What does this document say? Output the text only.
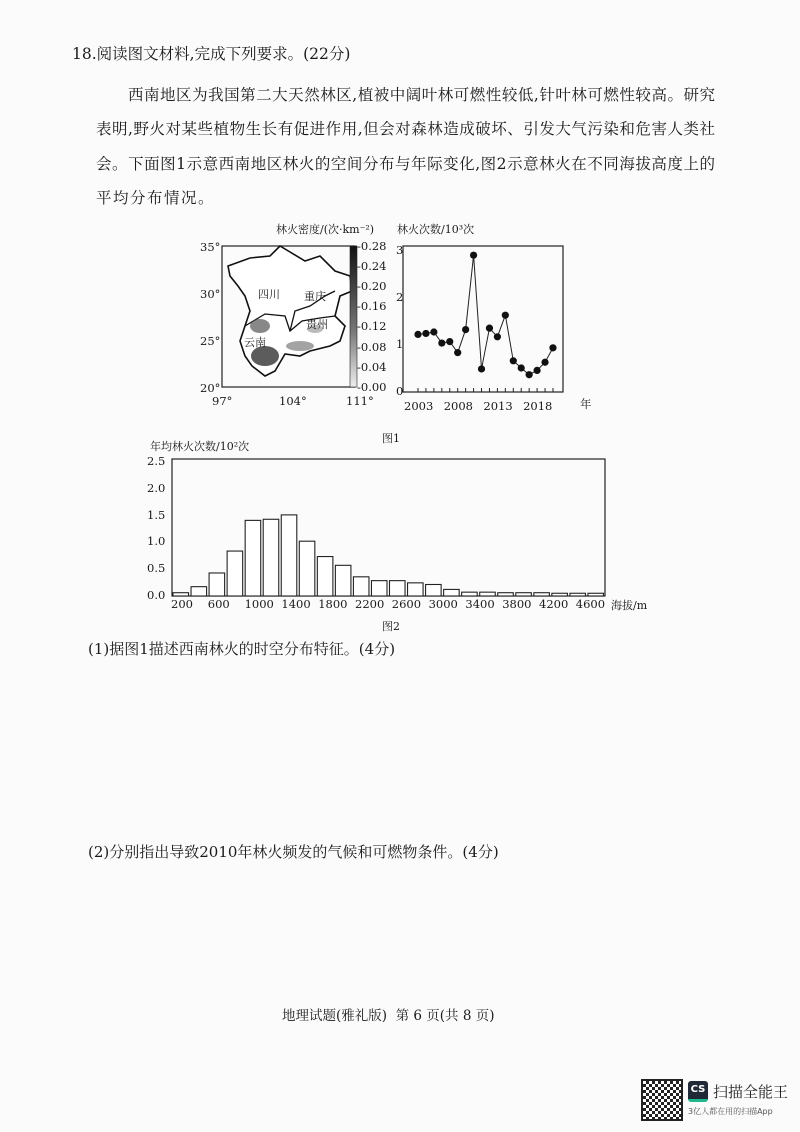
18.阅读图文材料,完成下列要求。(22分)
西南地区为我国第二大天然林区,植被中阔叶林可燃性较低,针叶林可燃性较高。研究
表明,野火对某些植物生长有促进作用,但会对森林造成破坏、引发大气污染和危害人类社
会。下面图1示意西南地区林火的空间分布与年际变化,图2示意林火在不同海拔高度上的
平均分布情况。
林火密度/(次·km⁻²)
四川 重庆
贵州
云南
35°
30°
25°
20°
97°	104°	111°
-0.28
-0.24
-0.20
-0.16
-0.12
-0.08
-0.04
-0.00
林火次数/10³次
0
1
2
3
2003 2008 2013 2018 年
图1
年均林火次数/10²次
0.0
0.5
1.0
1.5
2.0
2.5
200 600 1000 1400 1800 2200 2600 3000 3400 3800 4200 4600 海拔/m
图2
(1)据图1描述西南林火的时空分布特征。(4分)
(2)分别指出导致2010年林火频发的气候和可燃物条件。(4分)
地理试题(雅礼版)  第 6 页(共 8 页)
CS 扫描全能王
3亿人都在用的扫描App
